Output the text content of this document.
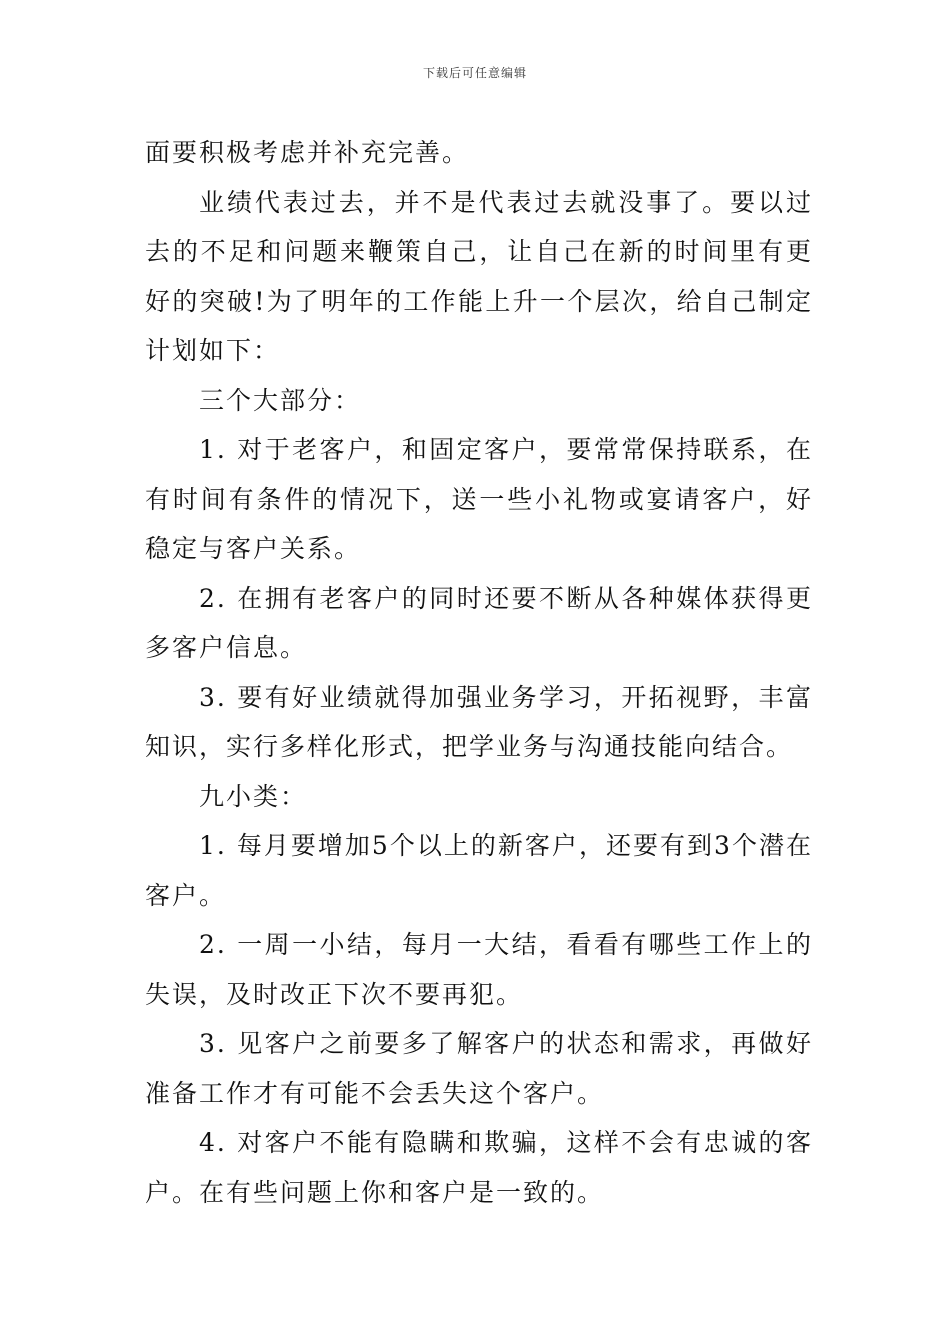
下载后可任意编辑

面要积极考虑并补充完善。

业绩代表过去，并不是代表过去就没事了。要以过去的不足和问题来鞭策自己，让自己在新的时间里有更好的突破!为了明年的工作能上升一个层次，给自己制定计划如下：

三个大部分：

1. 对于老客户，和固定客户，要常常保持联系，在有时间有条件的情况下，送一些小礼物或宴请客户，好稳定与客户关系。

2. 在拥有老客户的同时还要不断从各种媒体获得更多客户信息。

3. 要有好业绩就得加强业务学习，开拓视野，丰富知识，实行多样化形式，把学业务与沟通技能向结合。

九小类：

1. 每月要增加5个以上的新客户，还要有到3个潜在客户。

2. 一周一小结，每月一大结，看看有哪些工作上的失误，及时改正下次不要再犯。

3. 见客户之前要多了解客户的状态和需求，再做好准备工作才有可能不会丢失这个客户。

4. 对客户不能有隐瞒和欺骗，这样不会有忠诚的客户。在有些问题上你和客户是一致的。
